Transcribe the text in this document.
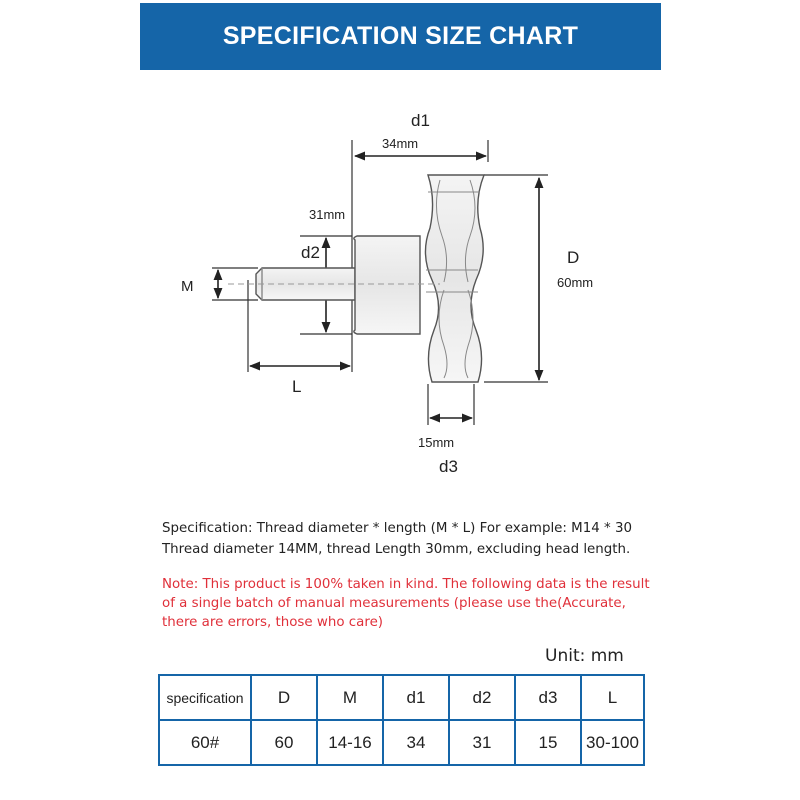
SPECIFICATION SIZE CHART
d1
34mm
31mm
d2
M
L
D
60mm
15mm
d3
Specification: Thread diameter * length (M * L) For example: M14 * 30
Thread diameter 14MM, thread Length 30mm, excluding head length.
Note: This product is 100% taken in kind. The following data is the result
of a single batch of manual measurements (please use the(Accurate,
there are errors, those who care)
Unit: mm
specification	D	M	d1	d2	d3	L
60#	60	14-16	34	31	15	30-100
